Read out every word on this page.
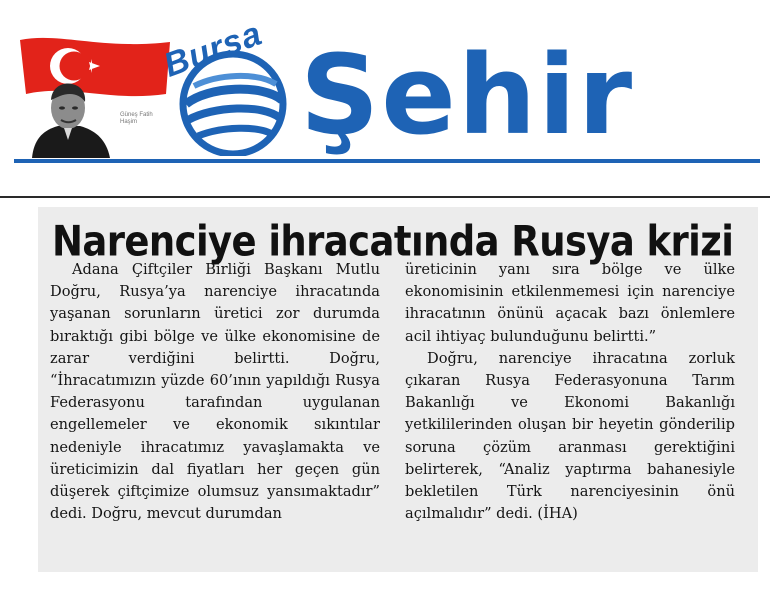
Güneş Fatih Haşim
Bursa Şehir
Narenciye ihracatında Rusya krizi

Adana Çiftçiler Birliği Başkanı Mutlu Doğru, Rusya’ya narenciye ihracatında yaşanan sorunların üretici zor durumda bıraktığı gibi bölge ve ülke ekonomisine de zarar verdiğini belirtti. Doğru, “İhracatımızın yüzde 60’ının yapıldığı Rusya Federasyonu tarafından uygulanan engellemeler ve ekonomik sıkıntılar nedeniyle ihracatımız yavaşlamakta ve üreticimizin dal fiyatları her geçen gün düşerek çiftçimize olumsuz yansımaktadır” dedi. Doğru, mevcut durumdan

üreticinin yanı sıra bölge ve ülke ekonomisinin etkilenmemesi için narenciye ihracatının önünü açacak bazı önlemlere acil ihtiyaç bulunduğunu belirtti.”

Doğru, narenciye ihracatına zorluk çıkaran Rusya Federasyonuna Tarım Bakanlığı ve Ekonomi Bakanlığı yetkililerinden oluşan bir heyetin gönderilip soruna çözüm aranması gerektiğini belirterek, “Analiz yaptırma bahanesiyle bekletilen Türk narenciyesinin önü açılmalıdır” dedi. (İHA)
